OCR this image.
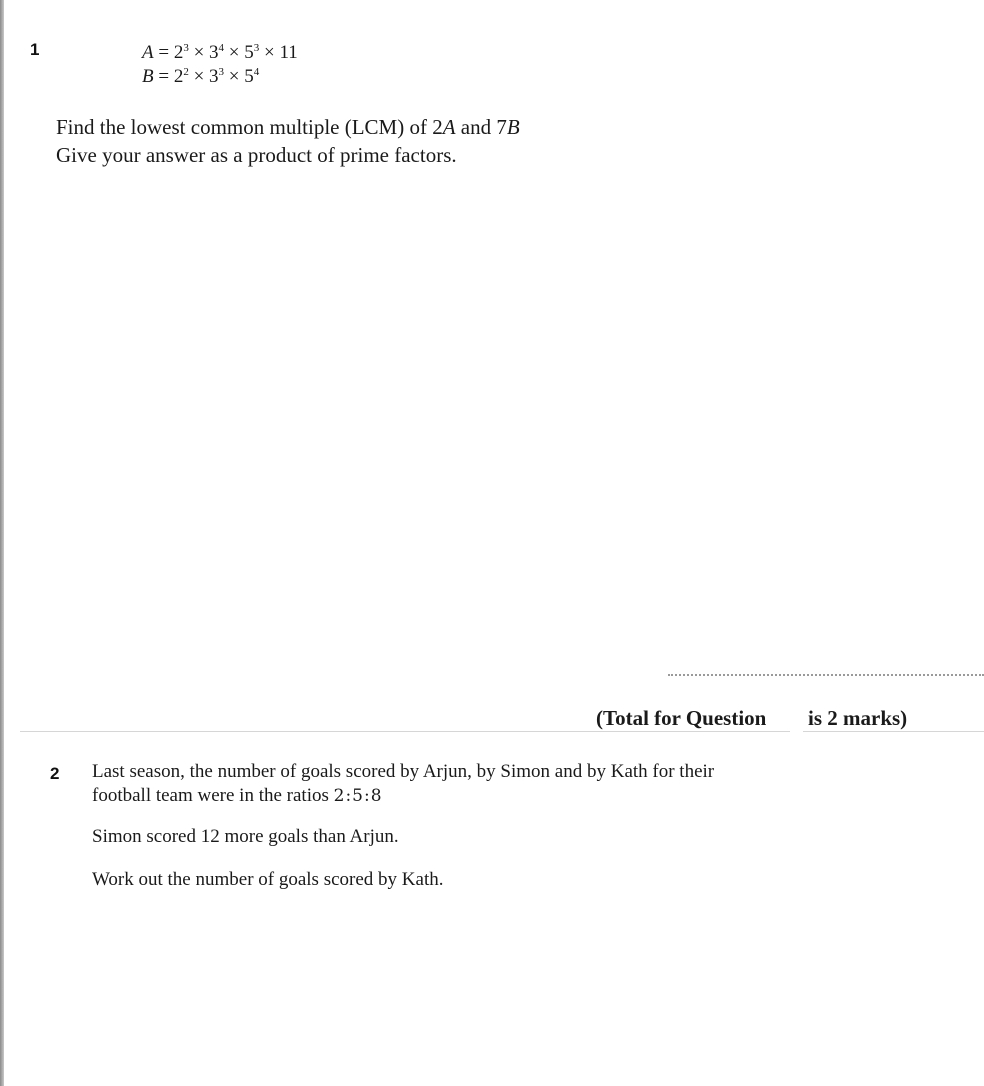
1	$A = 2^3 \times 3^4 \times 5^3 \times 11$
$B = 2^2 \times 3^3 \times 5^4$
Find the lowest common multiple (LCM) of 2A and 7B
Give your answer as a product of prime factors.
(Total for Question is 2 marks)
2 Last season, the number of goals scored by Arjun, by Simon and by Kath for their
football team were in the ratios 2:5:8
Simon scored 12 more goals than Arjun.
Work out the number of goals scored by Kath.
